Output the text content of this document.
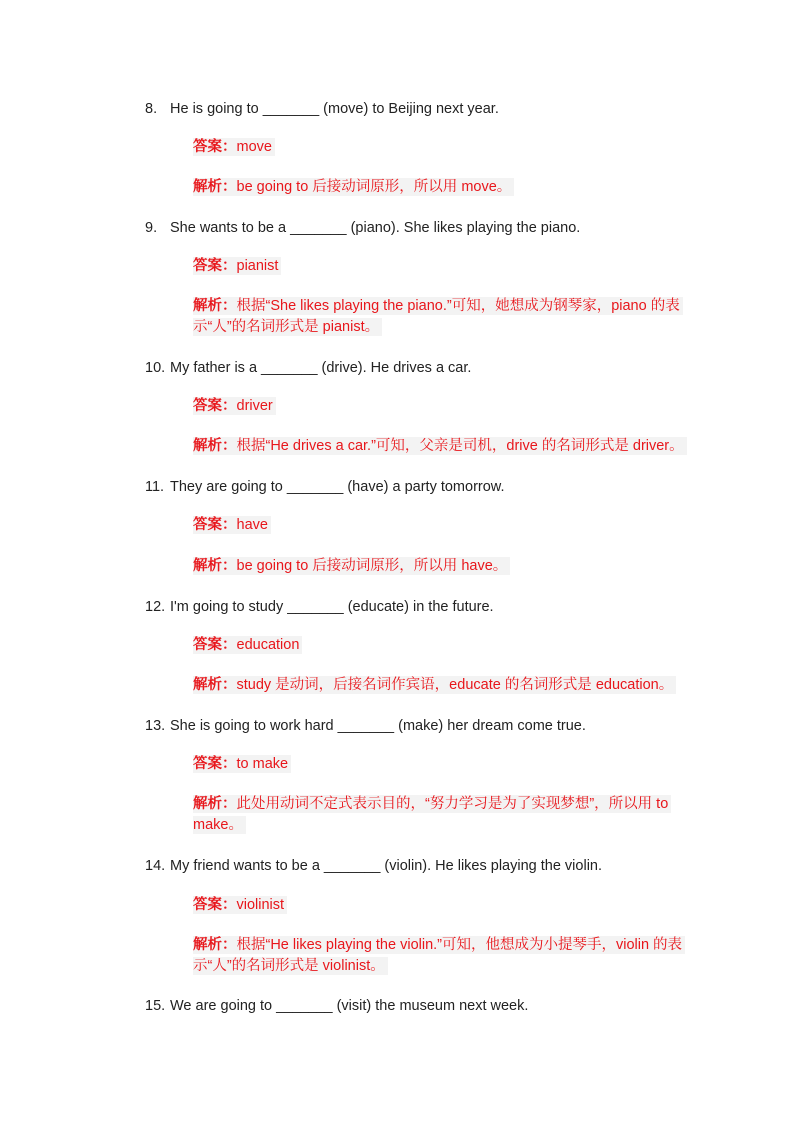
8. He is going to _______ (move) to Beijing next year.
答案：move
解析：be going to 后接动词原形，所以用 move。
9. She wants to be a _______ (piano). She likes playing the piano.
答案：pianist
解析：根据“She likes playing the piano.”可知，她想成为钢琴家，piano 的表示“人”的名词形式是 pianist。
10. My father is a _______ (drive). He drives a car.
答案：driver
解析：根据“He drives a car.”可知，父亲是司机，drive 的名词形式是 driver。
11. They are going to _______ (have) a party tomorrow.
答案：have
解析：be going to 后接动词原形，所以用 have。
12. I'm going to study _______ (educate) in the future.
答案：education
解析：study 是动词，后接名词作宾语，educate 的名词形式是 education。
13. She is going to work hard _______ (make) her dream come true.
答案：to make
解析：此处用动词不定式表示目的，“努力学习是为了实现梦想”，所以用 to make。
14. My friend wants to be a _______ (violin). He likes playing the violin.
答案：violinist
解析：根据“He likes playing the violin.”可知，他想成为小提琴手，violin 的表示“人”的名词形式是 violinist。
15. We are going to _______ (visit) the museum next week.
